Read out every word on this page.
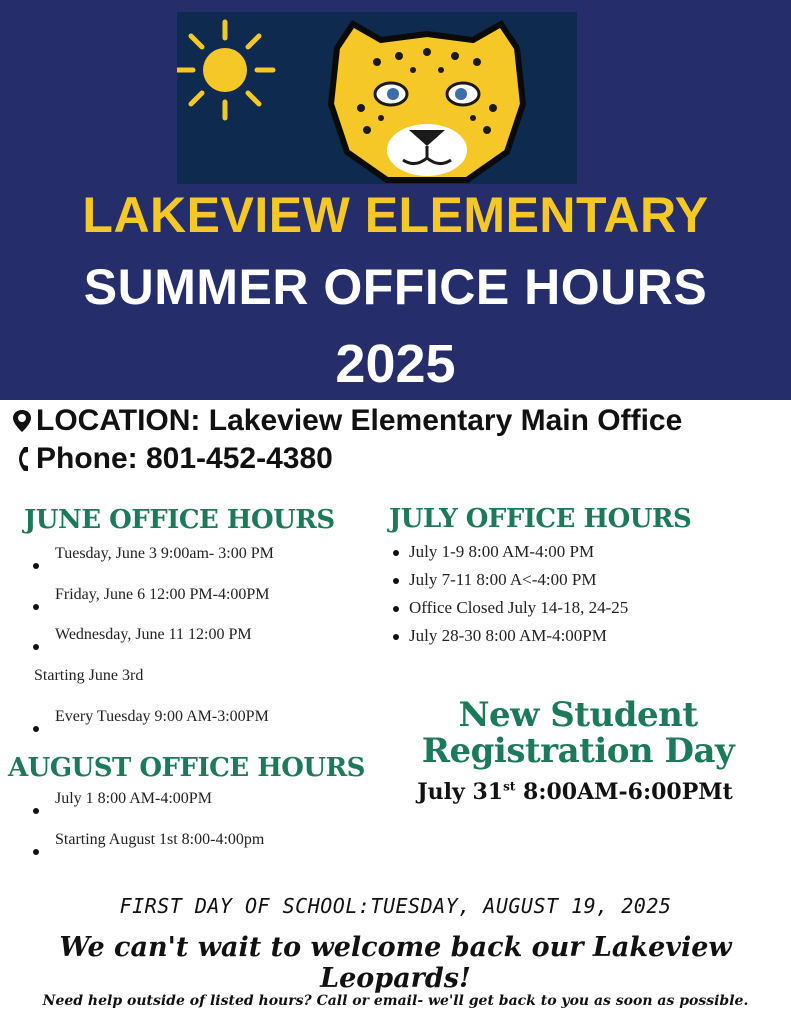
LAKEVIEW ELEMENTARY
SUMMER OFFICE HOURS
2025
LOCATION: Lakeview Elementary Main Office
Phone: 801-452-4380
JUNE OFFICE HOURS
Tuesday, June 3 9:00am- 3:00 PM
Friday, June 6 12:00 PM-4:00PM
Wednesday, June 11 12:00 PM
Starting June 3rd
Every Tuesday 9:00 AM-3:00PM
JULY OFFICE HOURS
July 1-9 8:00 AM-4:00 PM
July 7-11 8:00 A<-4:00 PM
Office Closed July 14-18, 24-25
July 28-30 8:00 AM-4:00PM
New Student
Registration Day
July 31st 8:00AM-6:00PMt
AUGUST OFFICE HOURS
July 1 8:00 AM-4:00PM
Starting August 1st 8:00-4:00pm
FIRST DAY OF SCHOOL:TUESDAY, AUGUST 19, 2025
We can't wait to welcome back our Lakeview Leopards!
Need help outside of listed hours? Call or email- we'll get back to you as soon as possible.
